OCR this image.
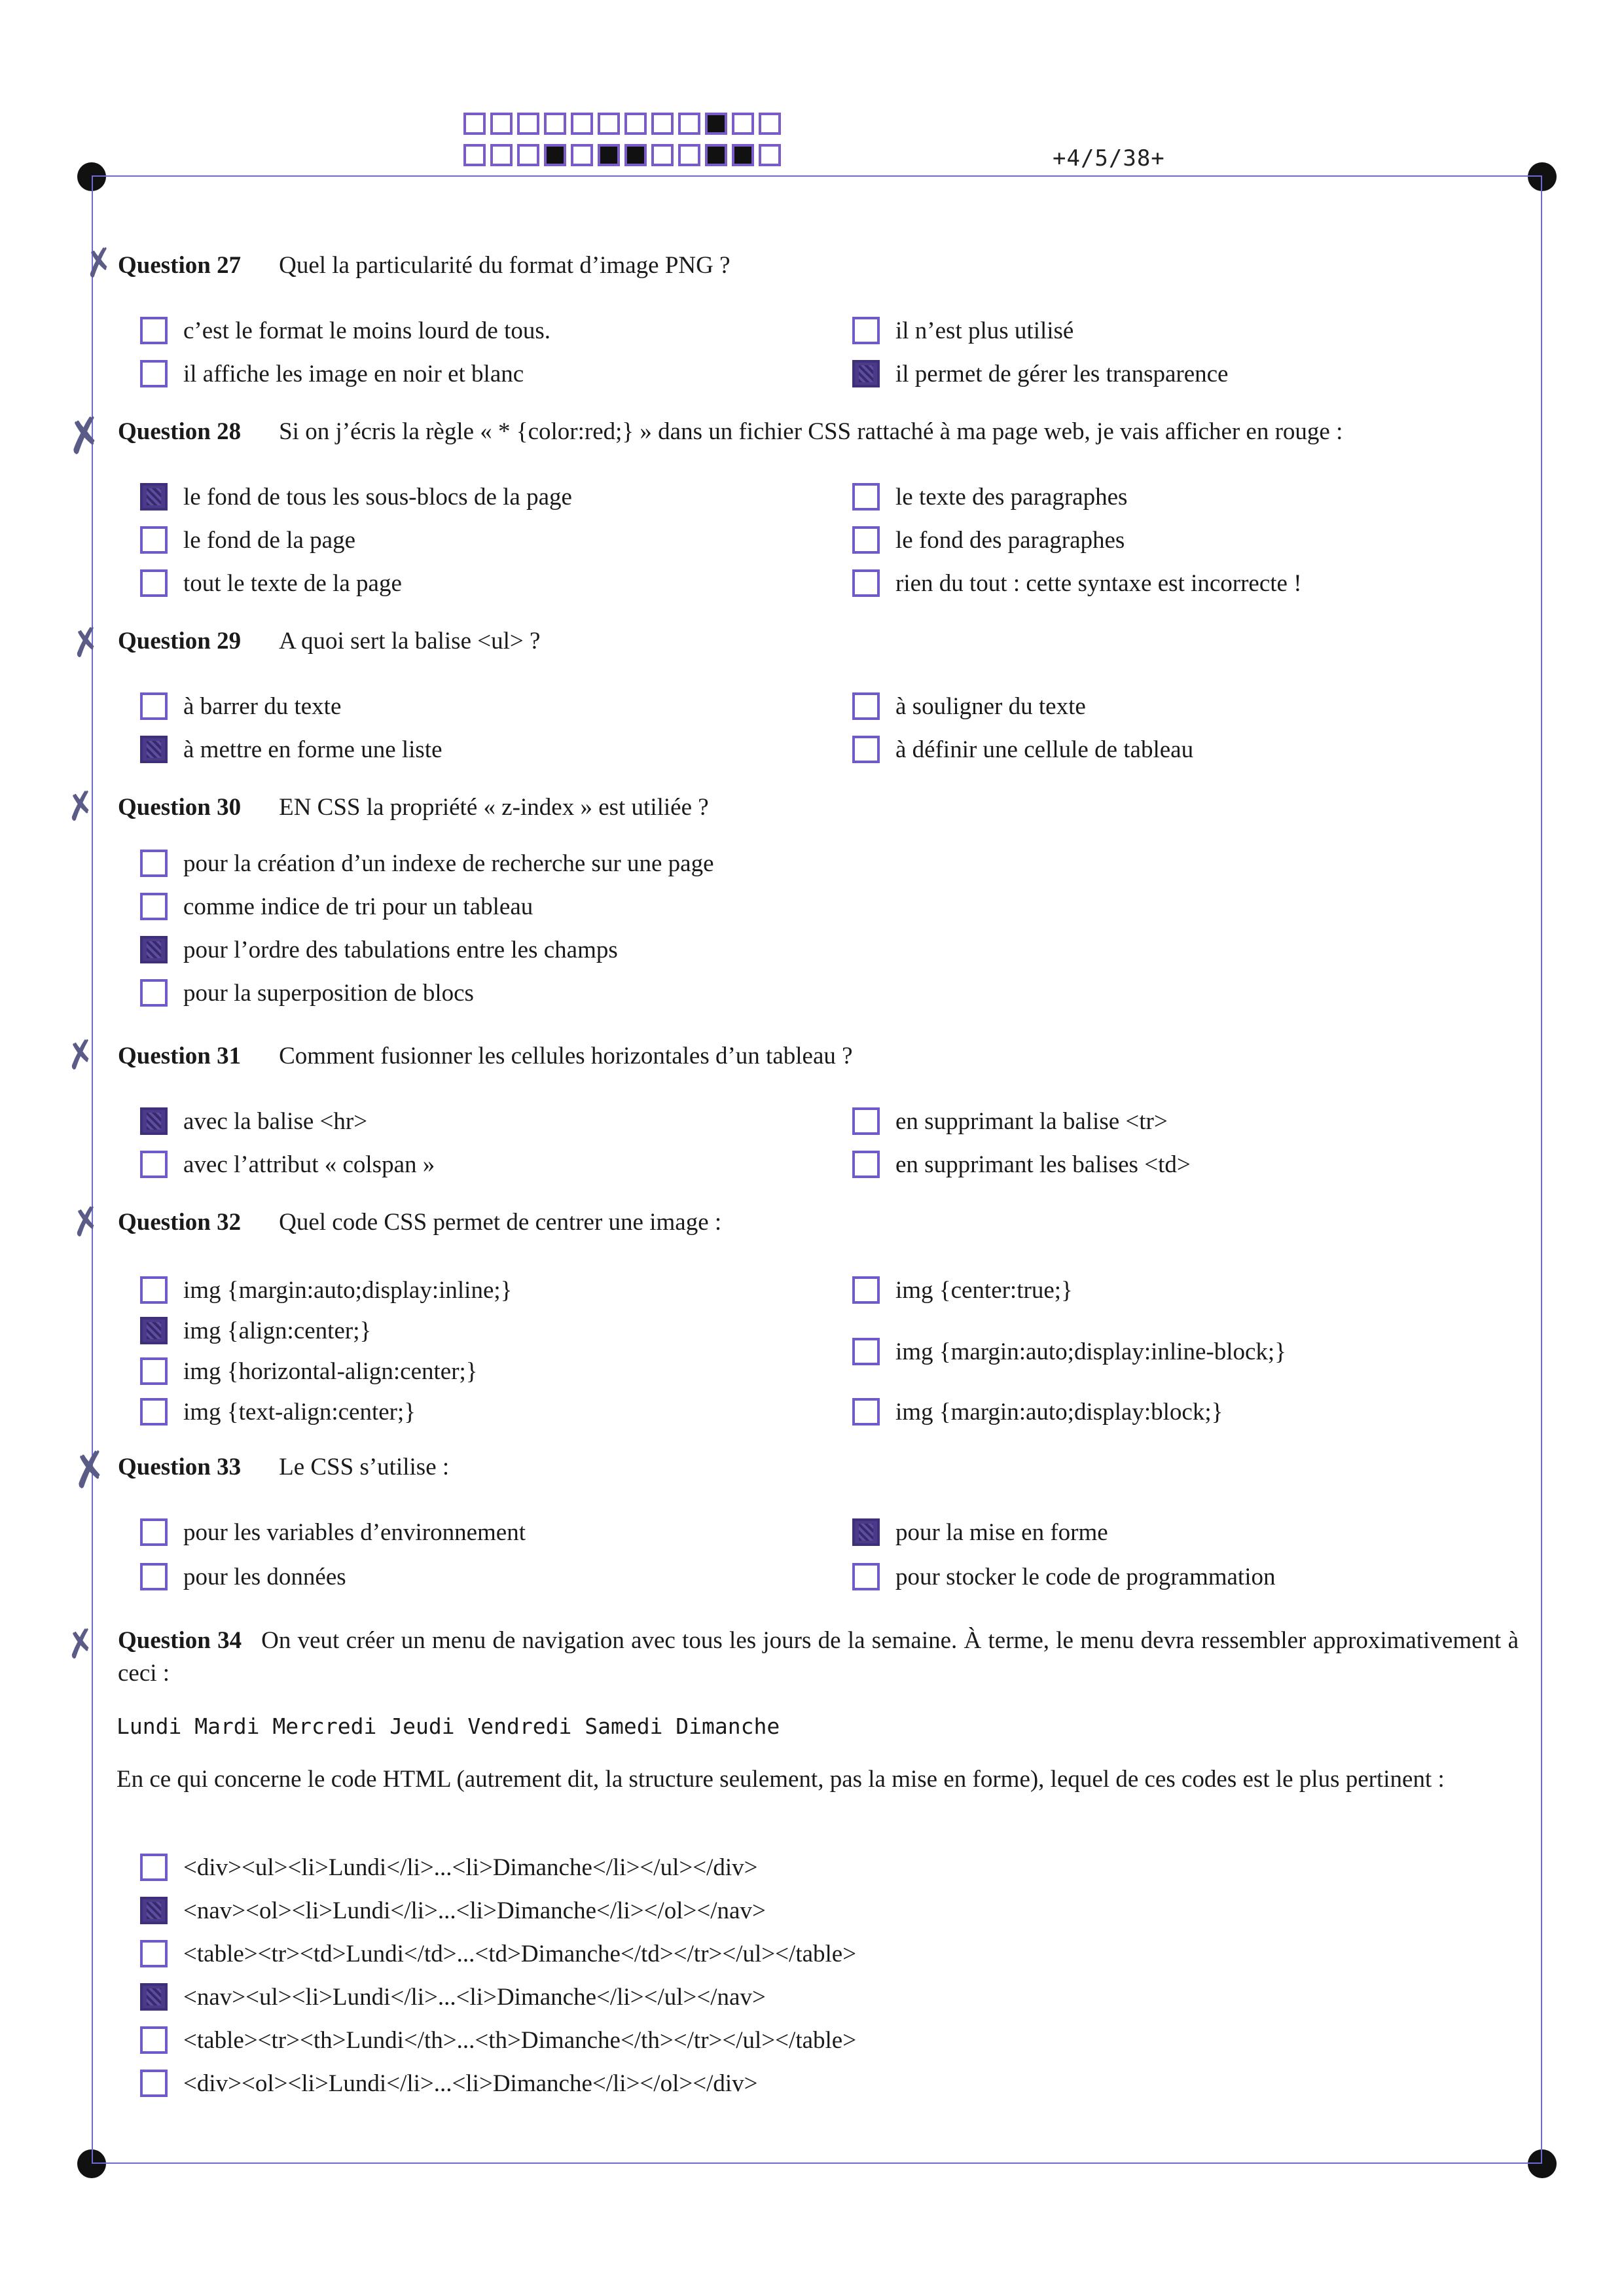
+4/5/38+
✗
✗
✗
✗
✗
✗
✗
✗
Question 27 Quel la particularité du format d’image PNG ?
c’est le format le moins lourd de tous.
il affiche les image en noir et blanc
il n’est plus utilisé
il permet de gérer les transparence
Question 28 Si on j’écris la règle « * {color:red;} » dans un fichier CSS rattaché à ma page web, je vais afficher en rouge :
le fond de tous les sous-blocs de la page
le fond de la page
tout le texte de la page
le texte des paragraphes
le fond des paragraphes
rien du tout : cette syntaxe est incorrecte !
Question 29 A quoi sert la balise <ul> ?
à barrer du texte
à mettre en forme une liste
à souligner du texte
à définir une cellule de tableau
Question 30 EN CSS la propriété « z-index » est utiliée ?
pour la création d’un indexe de recherche sur une page
comme indice de tri pour un tableau
pour l’ordre des tabulations entre les champs
pour la superposition de blocs
Question 31 Comment fusionner les cellules horizontales d’un tableau ?
avec la balise <hr>
avec l’attribut « colspan »
en supprimant la balise <tr>
en supprimant les balises <td>
Question 32 Quel code CSS permet de centrer une image :
img {margin:auto;display:inline;}
img {align:center;}
img {horizontal-align:center;}
img {text-align:center;}
img {center:true;}
img {margin:auto;display:inline-block;}
img {margin:auto;display:block;}
Question 33 Le CSS s’utilise :
pour les variables d’environnement
pour les données
pour la mise en forme
pour stocker le code de programmation
Question 34 On veut créer un menu de navigation avec tous les jours de la semaine. À terme, le menu devra ressembler approximativement à ceci :
Lundi Mardi Mercredi Jeudi Vendredi Samedi Dimanche
En ce qui concerne le code HTML (autrement dit, la structure seulement, pas la mise en forme), lequel de ces codes est le plus pertinent :
<div><ul><li>Lundi</li>...<li>Dimanche</li></ul></div>
<nav><ol><li>Lundi</li>...<li>Dimanche</li></ol></nav>
<table><tr><td>Lundi</td>...<td>Dimanche</td></tr></ul></table>
<nav><ul><li>Lundi</li>...<li>Dimanche</li></ul></nav>
<table><tr><th>Lundi</th>...<th>Dimanche</th></tr></ul></table>
<div><ol><li>Lundi</li>...<li>Dimanche</li></ol></div>
